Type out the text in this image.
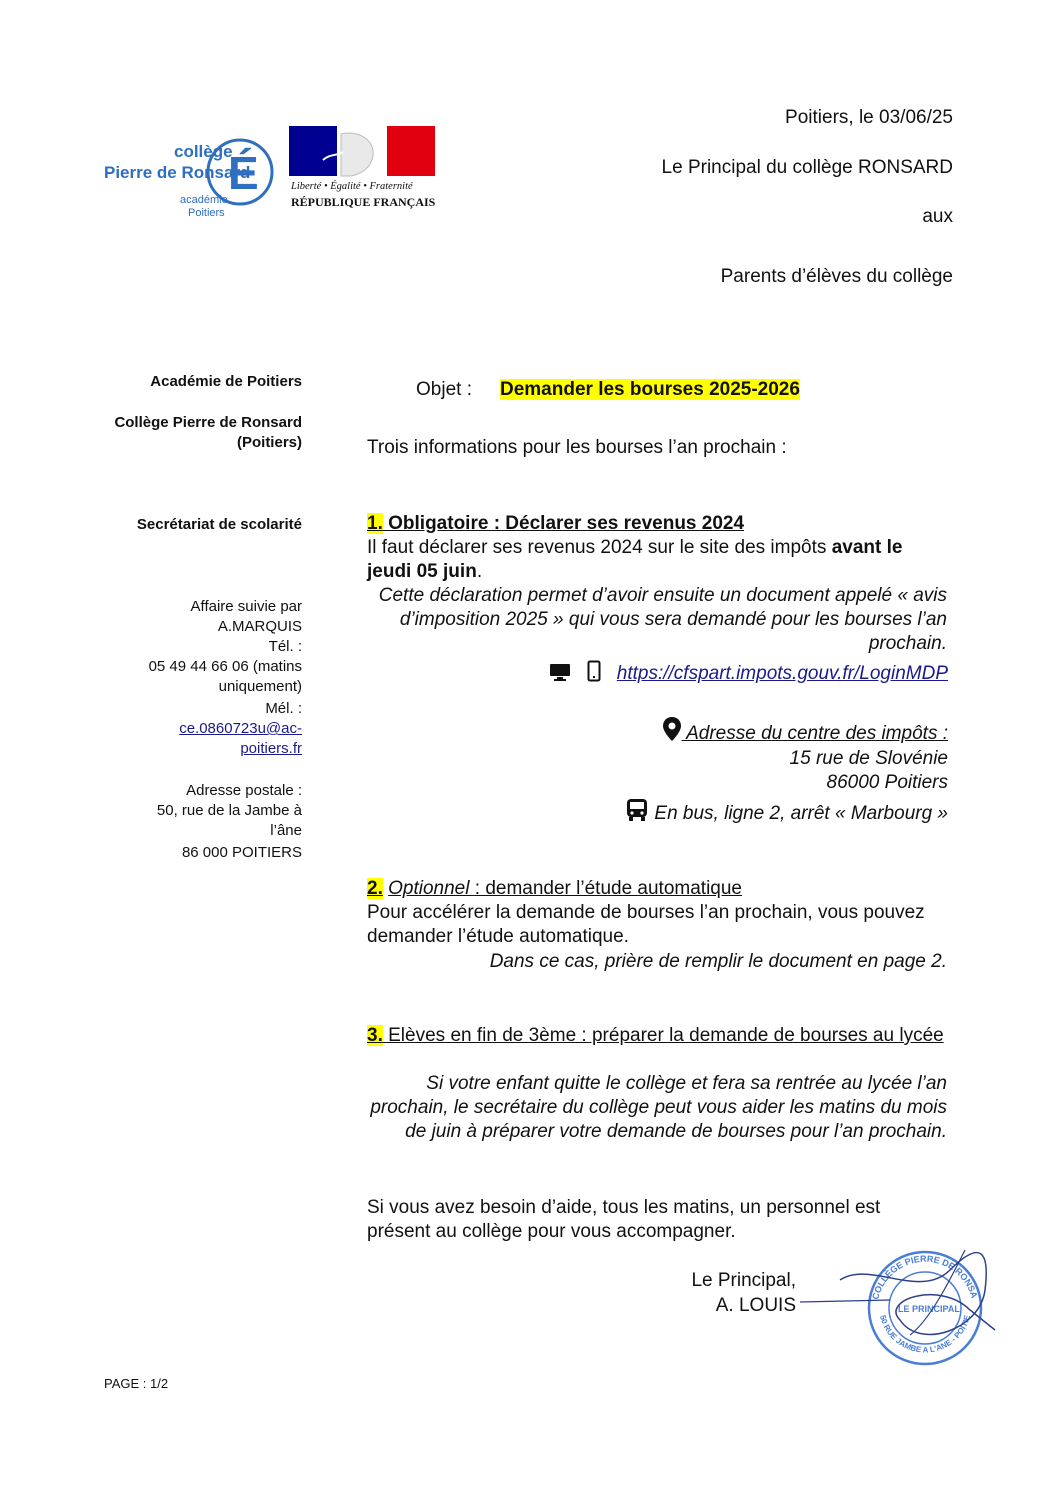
É
collège
Pierre de Ronsard
académie
Poitiers
Liberté • Égalité • Fraternité
RÉPUBLIQUE FRANÇAISE
Poitiers, le 03/06/25
Le Principal du collège RONSARD
aux
Parents d’élèves du collège
Académie de Poitiers
Collège Pierre de Ronsard (Poitiers)
Secrétariat de scolarité
Affaire suivie par
A.MARQUIS
Tél. :
05 49 44 66 06 (matins uniquement)
Mél. :
ce.0860723u@ac-poitiers.fr
Adresse postale :
50, rue de la Jambe à l’âne
86 000 POITIERS
Objet : Demander les bourses 2025-2026
Trois informations pour les bourses l’an prochain :
1. Obligatoire : Déclarer ses revenus 2024
Il faut déclarer ses revenus 2024 sur le site des impôts avant le jeudi 05 juin.
Cette déclaration permet d’avoir ensuite un document appelé « avis d’imposition 2025 » qui vous sera demandé pour les bourses l’an prochain.
https://cfspart.impots.gouv.fr/LoginMDP
Adresse du centre des impôts :
15 rue de Slovénie
86000 Poitiers
En bus, ligne 2, arrêt « Marbourg »
2. Optionnel : demander l’étude automatique
Pour accélérer la demande de bourses l’an prochain, vous pouvez demander l’étude automatique.
Dans ce cas, prière de remplir le document en page 2.
3. Elèves en fin de 3ème : préparer la demande de bourses au lycée
Si votre enfant quitte le collège et fera sa rentrée au lycée l’an prochain, le secrétaire du collège peut vous aider les matins du mois de juin à préparer votre demande de bourses pour l’an prochain.
Si vous avez besoin d’aide, tous les matins, un personnel est présent au collège pour vous accompagner.
Le Principal,
A. LOUIS	COLLÈGE PIERRE DE RONSA
50 RUE JAMBE A L'ANE - POITIE
LE PRINCIPAL
PAGE : 1/2
